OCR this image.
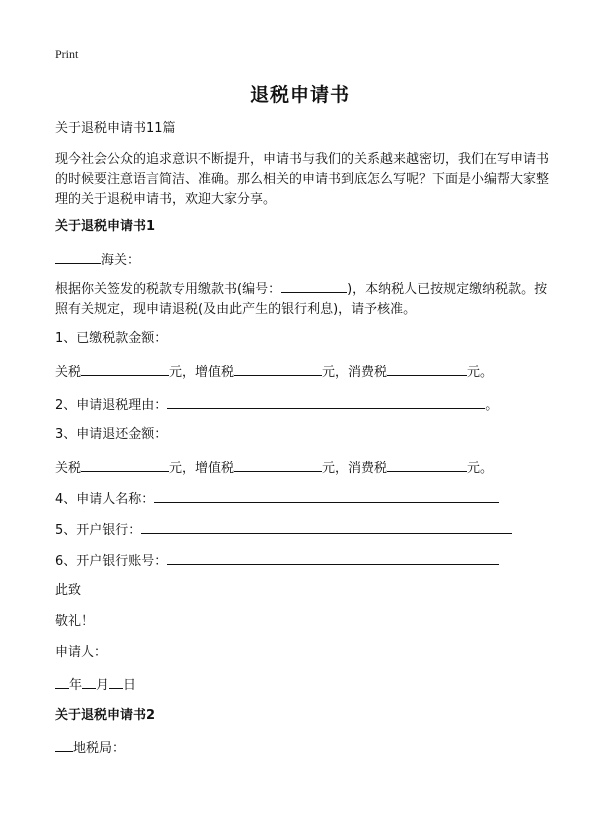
Print
退税申请书
关于退税申请书11篇
现今社会公众的追求意识不断提升，申请书与我们的关系越来越密切，我们在写申请书的时候要注意语言简洁、准确。那么相关的申请书到底怎么写呢？下面是小编帮大家整理的关于退税申请书，欢迎大家分享。
关于退税申请书1
海关：
根据你关签发的税款专用缴款书(编号：	)，本纳税人已按规定缴纳税款。按照有关规定，现申请退税(及由此产生的银行利息)，请予核准。
1、已缴税款金额：
关税	元，增值税	元，消费税	元。
2、申请退税理由：	。
3、申请退还金额：
关税	元，增值税	元，消费税	元。
4、申请人名称：
5、开户银行：
6、开户银行账号：
此致
敬礼！
申请人：
年 月 日
关于退税申请书2
地税局：
